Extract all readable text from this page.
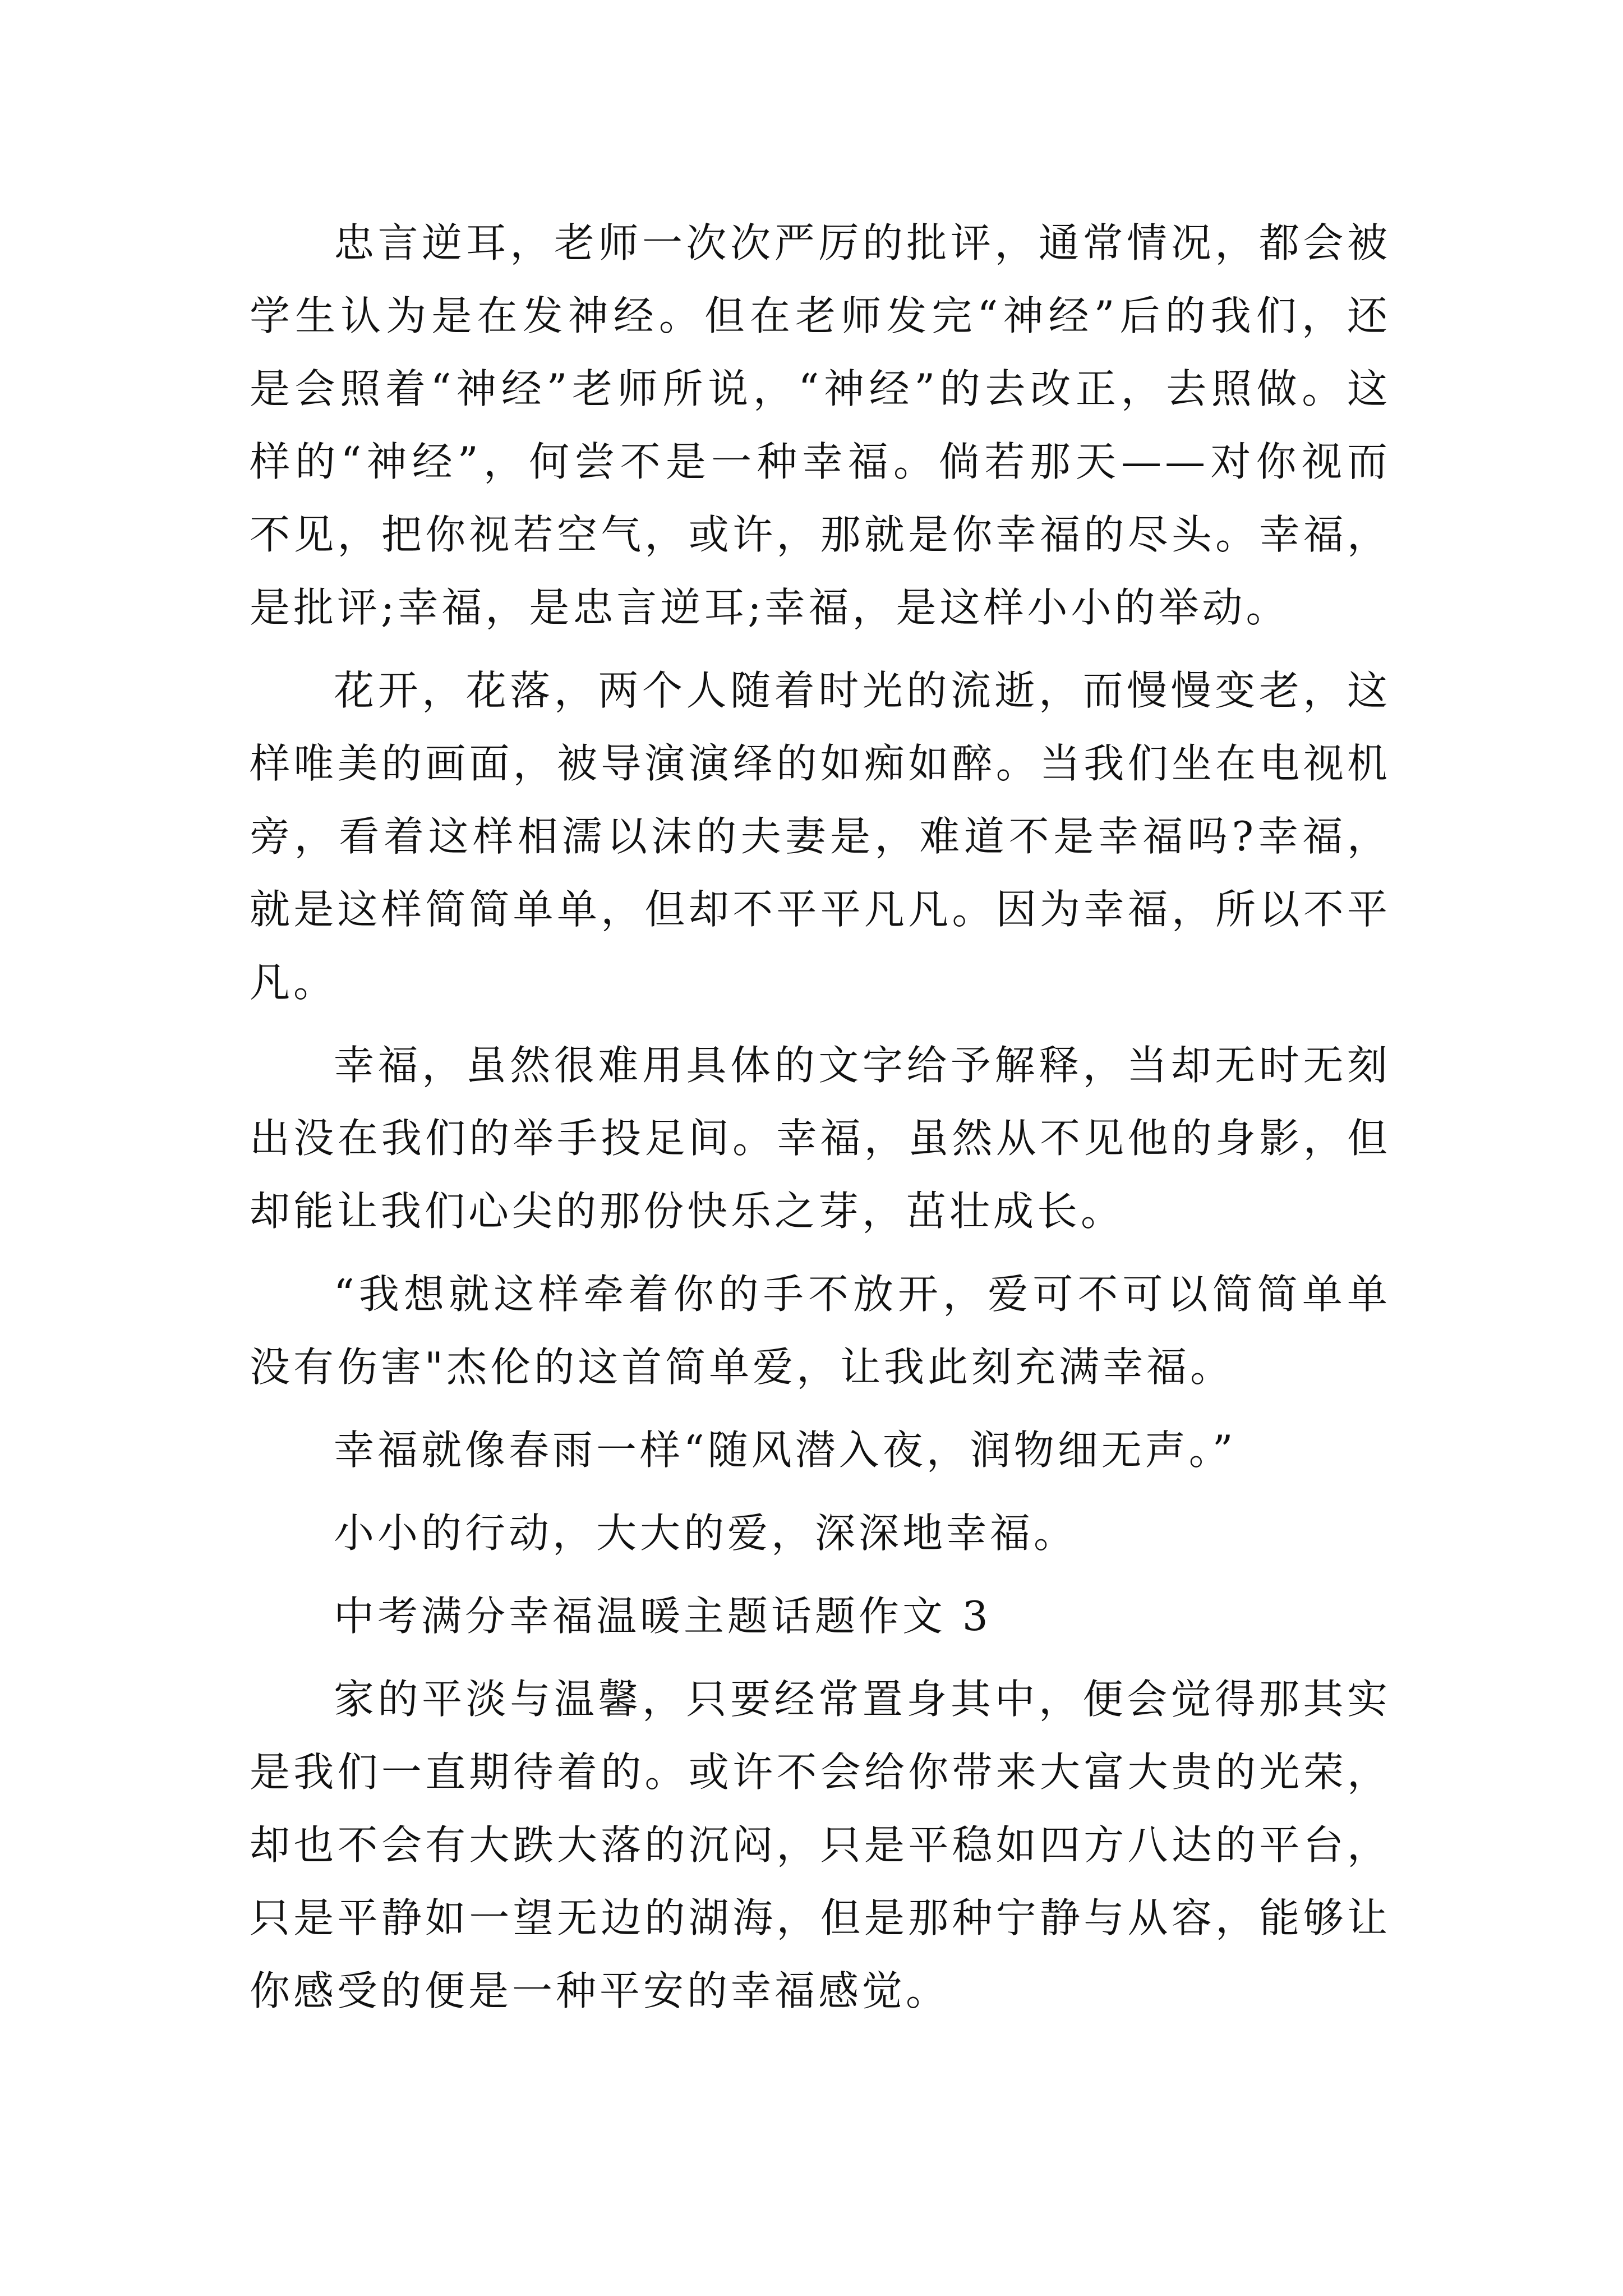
忠言逆耳，老师一次次严厉的批评，通常情况，都会被学生认为是在发神经。但在老师发完“神经”后的我们，还是会照着“神经”老师所说，“神经”的去改正，去照做。这样的“神经”，何尝不是一种幸福。倘若那天——对你视而不见，把你视若空气，或许，那就是你幸福的尽头。幸福，是批评;幸福，是忠言逆耳;幸福，是这样小小的举动。

花开，花落，两个人随着时光的流逝，而慢慢变老，这样唯美的画面，被导演演绎的如痴如醉。当我们坐在电视机旁，看着这样相濡以沫的夫妻是，难道不是幸福吗?幸福，就是这样简简单单，但却不平平凡凡。因为幸福，所以不平凡。

幸福，虽然很难用具体的文字给予解释，当却无时无刻出没在我们的举手投足间。幸福，虽然从不见他的身影，但却能让我们心尖的那份快乐之芽，茁壮成长。

“我想就这样牵着你的手不放开，爱可不可以简简单单没有伤害"杰伦的这首简单爱，让我此刻充满幸福。

幸福就像春雨一样“随风潜入夜，润物细无声。”

小小的行动，大大的爱，深深地幸福。

中考满分幸福温暖主题话题作文 3

家的平淡与温馨，只要经常置身其中，便会觉得那其实是我们一直期待着的。或许不会给你带来大富大贵的光荣，却也不会有大跌大落的沉闷，只是平稳如四方八达的平台，只是平静如一望无边的湖海，但是那种宁静与从容，能够让你感受的便是一种平安的幸福感觉。
